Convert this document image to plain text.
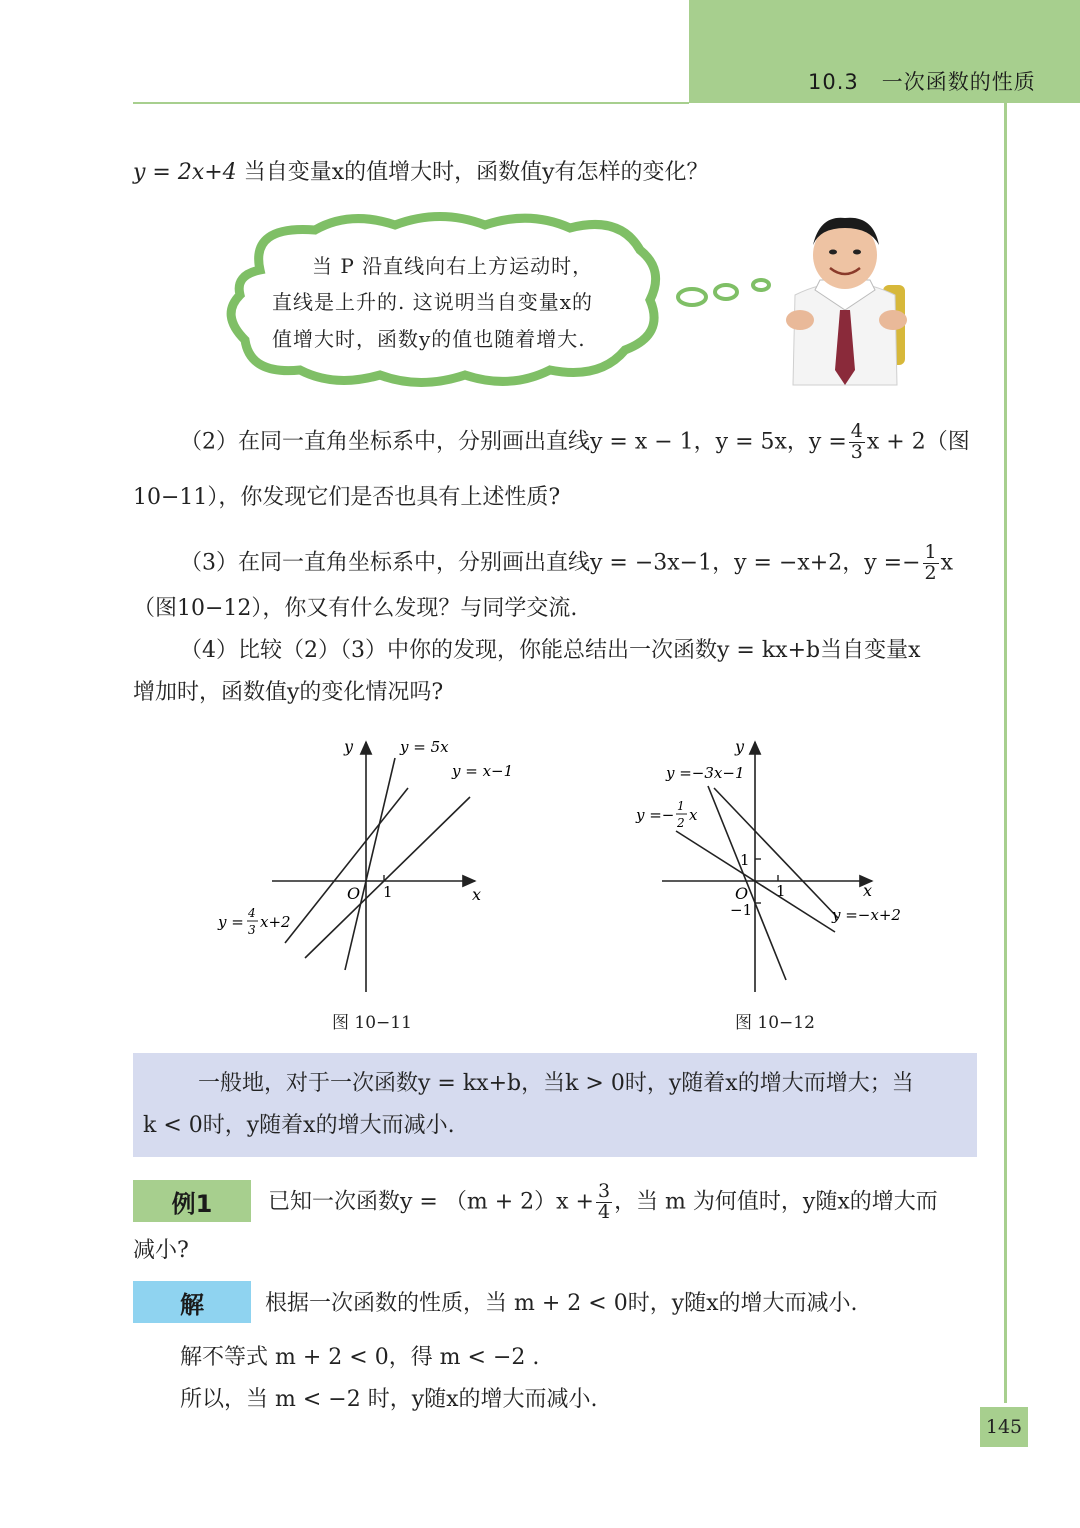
10.3 一次函数的性质
y = 2x+4 当自变量x的值增大时，函数值y有怎样的变化？
当 P 沿直线向右上方运动时，
直线是上升的. 这说明当自变量x的
值增大时，函数y的值也随着增大.
（2）在同一直角坐标系中，分别画出直线y = x − 1，y = 5x，$y = \frac{4}{3}$ x + 2（图
10−11），你发现它们是否也具有上述性质?
（3）在同一直角坐标系中，分别画出直线y = −3x−1，y = −x+2，$y =- \frac{1}{2}$ x
（图10−12），你又有什么发现？与同学交流.
（4）比较（2）（3）中你的发现，你能总结出一次函数y = kx+b当自变量x
增加时，函数值y的变化情况吗?
y
x
O 1
y = 5x
y = x−1
y = 4
3 x+2
图 10−11
y
x
O 1
1
−1
y =−3x−1
y =− 1
2 x
y =−x+2
图 10−12
一般地，对于一次函数y = kx+b，当k > 0时，y随着x的增大而增大；当
k < 0时，y随着x的增大而减小.
例1	已知一次函数$y = (m + 2)x + \frac{3}{4}$ ，当 m 为何值时，y随x的增大而
减小?
解	根据一次函数的性质，当 m + 2 < 0时，y随x的增大而减小.
解不等式 m + 2 < 0，得 m < −2 .
所以，当 m < −2 时，y随x的增大而减小.
145
